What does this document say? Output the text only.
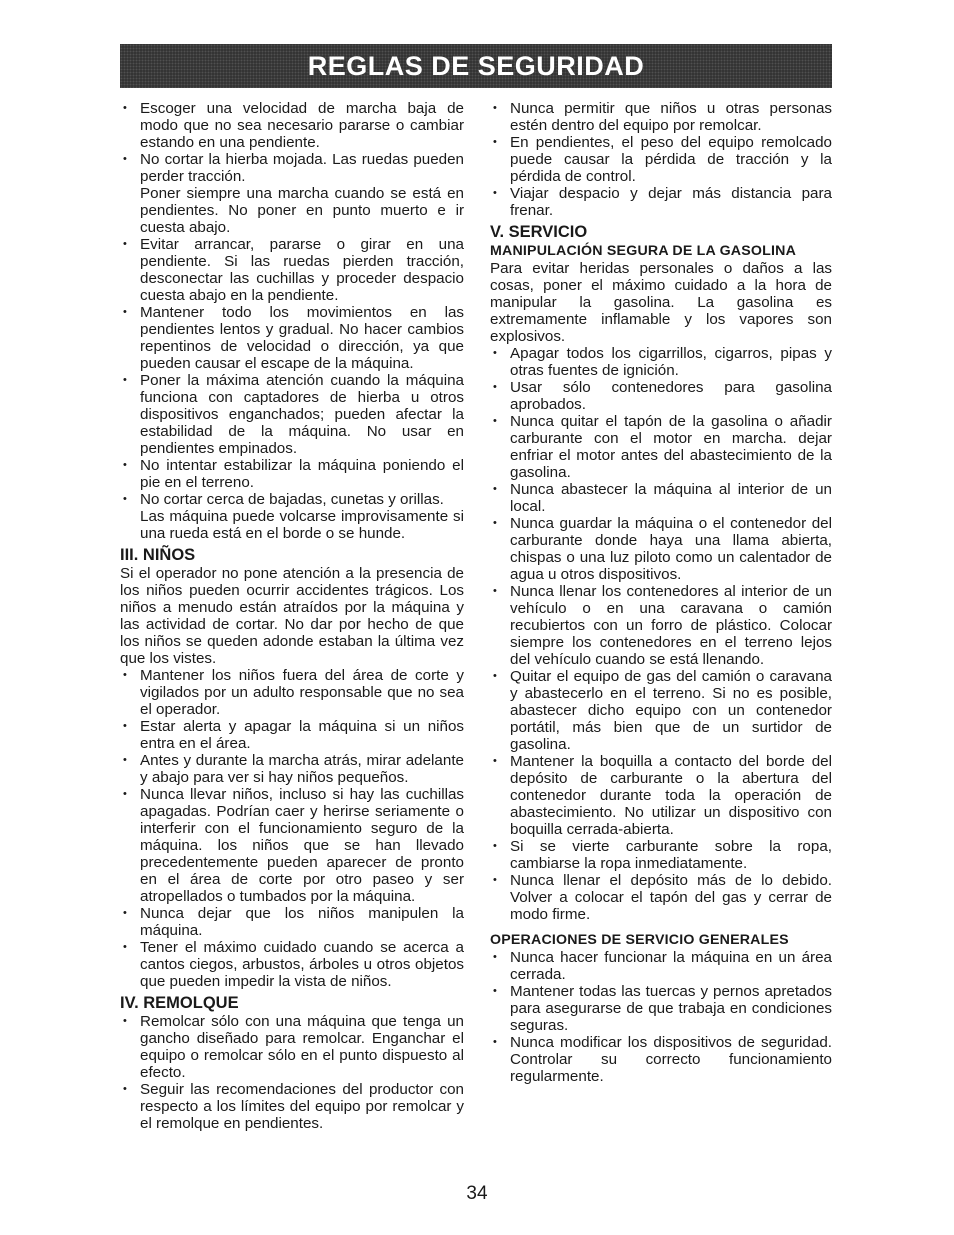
REGLAS DE SEGURIDAD

• Escoger una velocidad de marcha baja de modo que no sea necesario pararse o cambiar estando en una pendiente.

• No cortar la hierba mojada. Las ruedas pueden perder tracción.

Poner siempre una marcha cuando se está en pendientes. No poner en punto muerto e ir cuesta abajo.

• Evitar arrancar, pararse o girar en una pendiente. Si las ruedas pierden tracción, desconectar las cuchillas y proceder despacio cuesta abajo en la pendiente.

• Mantener todo los movimientos en las pendientes lentos y gradual. No hacer cambios repentinos de velocidad o dirección, ya que pueden causar el escape de la máquina.

• Poner la máxima atención cuando la máquina funciona con captadores de hierba u otros dispositivos enganchados; pueden afectar la estabilidad de la máquina. No usar en pendientes empinados.

• No intentar estabilizar la máquina poniendo el pie en el terreno.

• No cortar cerca de bajadas, cunetas y orillas.

Las máquina puede volcarse improvisamente si una rueda está en el borde o se hunde.

III. NIÑOS

Si el operador no pone atención a la presencia de los niños pueden ocurrir accidentes trágicos. Los niños a menudo están atraídos por la máquina y las actividad de cortar. No dar por hecho de que los niños se queden adonde estaban la última vez que los vistes.

• Mantener los niños fuera del área de corte y vigilados por un adulto responsable que no sea el operador.
• Estar alerta y apagar la máquina si un niños entra en el área.
• Antes y durante la marcha atrás, mirar adelante y abajo para ver si hay niños pequeños.
• Nunca llevar niños, incluso si hay las cuchillas apagadas. Podrían caer y herirse seriamente o interferir con el funcionamiento seguro de la máquina. los niños que se han llevado precedentemente pueden aparecer de pronto en el área de corte por otro paseo y ser atropellados o tumbados por la máquina.
• Nunca dejar que los niños manipulen la máquina.
• Tener el máximo cuidado cuando se acerca a cantos ciegos, arbustos, árboles u otros objetos que pueden impedir la vista de niños.
IV. REMOLQUE
• Remolcar sólo con una máquina que tenga un gancho diseñado para remolcar. Enganchar el equipo o remolcar sólo en el punto dispuesto al efecto.
• Seguir las recomendaciones del productor con respecto a los límites del equipo por remolcar y el remolque en pendientes.
• Nunca permitir que niños u otras personas estén dentro del equipo por remolcar.
• En pendientes, el peso del equipo remolcado puede causar la pérdida de tracción y la pérdida de control.
• Viajar despacio y dejar más distancia para frenar.
V. SERVICIO
MANIPULACIÓN SEGURA DE LA GASOLINA

Para evitar heridas personales o daños a las cosas, poner el máximo cuidado a la hora de manipular la gasolina. La gasolina es extremamente inflamable y los vapores son explosivos.

• Apagar todos los cigarrillos, cigarros, pipas y otras fuentes de ignición.
• Usar sólo contenedores para gasolina aprobados.
• Nunca quitar el tapón de la gasolina o añadir carburante con el motor en marcha. dejar enfriar el motor antes del abastecimiento de la gasolina.
• Nunca abastecer la máquina al interior de un local.
• Nunca guardar la máquina o el contenedor del carburante donde haya una llama abierta, chispas o una luz piloto como un calentador de agua u otros dispositivos.
• Nunca llenar los contenedores al interior de un vehículo o en una caravana o camión recubiertos con un forro de plástico. Colocar siempre los contenedores en el terreno lejos del vehículo cuando se está llenando.
• Quitar el equipo de gas del camión o caravana y abastecerlo en el terreno. Si no es posible, abastecer dicho equipo con un contenedor portátil, más bien que de un surtidor de gasolina.
• Mantener la boquilla a contacto del borde del depósito de carburante o la abertura del contenedor durante toda la operación de abastecimiento. No utilizar un dispositivo con boquilla cerrada-abierta.
• Si se vierte carburante sobre la ropa, cambiarse la ropa inmediatamente.
• Nunca llenar el depósito más de lo debido. Volver a colocar el tapón del gas y cerrar de modo firme.
OPERACIONES DE SERVICIO GENERALES
• Nunca hacer funcionar la máquina en un área cerrada.
• Mantener todas las tuercas y pernos apretados para asegurarse de que trabaja en condiciones seguras.
• Nunca modificar los dispositivos de seguridad. Controlar su correcto funcionamiento regularmente.
34
